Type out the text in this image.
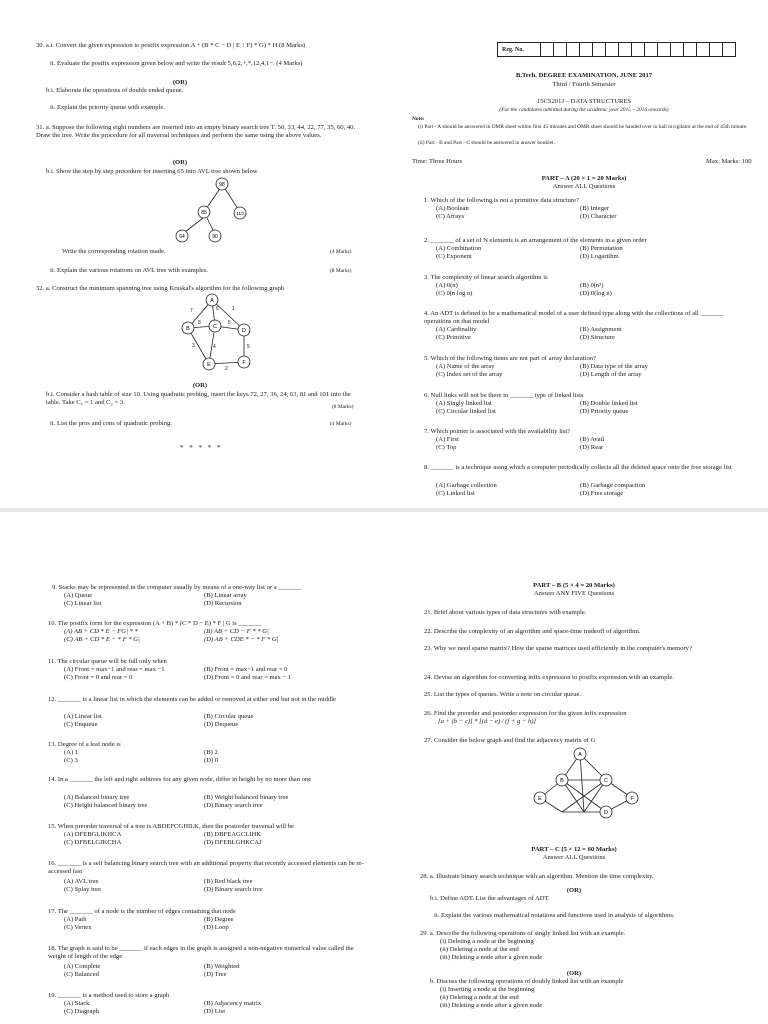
30. a.i. Convert the given expression to postfix expression A + (B * C − D | E ↑ F) * G) * H (8 Marks)
ii. Evaluate the postfix expression given below and write the result 5,6,2,+,*,12,4,1−. (4 Marks)
(OR)
b.i. Elaborate the operations of double ended queue.
ii. Explain the priority queue with example.
31. a. Suppose the following eight numbers are inserted into an empty binary search tree T. 50, 33, 44, 22, 77, 35, 60, 40. Draw the tree. Write the procedure for all traversal techniques and perform the same using the above values.
(OR)
b.i. Show the step by step procedure for inserting 65 into AVL tree shown below
98
85	110
64	90
Write the corresponding rotation made.	(4 Marks)
ii. Explain the various rotations on AVL tree with examples.	(8 Marks)
32. a. Construct the minimum spanning tree using Kruskal's algorithm for the following graph
7	6	1
5
8
3	4	5
2
A
B	C
D
E	F
(OR)
b.i. Consider a hash table of size 10. Using quadratic probing, insert the keys 72, 27, 36, 24, 63, 81 and 101 into the table. Take C₁ = 1 and C₂ = 3.
(8 Marks)
ii. List the pros and cons of quadratic probing.	(4 Marks)
* * * * *
Reg. No.
B.Tech. DEGREE EXAMINATION, JUNE 2017
Third / Fourth Semester
15CS201J – DATA STRUCTURES
(For the candidates admitted during the academic year 2015 – 2016 onwards)
Note:
(i) Part - A should be answered in OMR sheet within first 45 minutes and OMR sheet should be handed over to hall invigilator at the end of 45th minute.
(ii) Part - B and Part - C should be answered in answer booklet.
Time: Three Hours	Max. Marks: 100
PART – A (20 × 1 = 20 Marks)
Answer ALL Questions
1. Which of the following is not a primitive data structure?
(A) Boolean	(B) Integer
(C) Arrays	(D) Character
2. _______ of a set of N elements is an arrangement of the elements in a given order
(A) Combination	(B) Permutation
(C) Exponent	(D) Logarithm
3. The complexity of linear search algorithm is
(A) 0(n)	(B) 0(n²)
(C) 0(n log n)	(D) 0(log n)
4. An ADT is defined to be a mathematical model of a user defined type along with the collections of all _______ operations on that model
(A) Cardinality	(B) Assignment
(C) Primitive	(D) Structure
5. Which of the following items are not part of array declaration?
(A) Name of the array	(B) Data type of the array
(C) Index set of the array	(D) Length of the array
6. Null links will not be there in _______ type of linked lists
(A) Singly linked list	(B) Double linked list
(C) Circular linked list	(D) Priority queue
7. Which pointer is associated with the availability list?
(A) First	(B) Avail
(C) Top	(D) Rear
8. _______ is a technique using which a computer periodically collects all the deleted space onto the free storage list
(A) Garbage collection	(B) Garbage compaction
(C) Linked list	(D) Free storage
9. Stacks may be represented in the computer usually by means of a one-way list or a _______
(A) Queue	(B) Linear array
(C) Linear list	(D) Recursion
10. The postfix form for the expression (A + B) * (C * D − E) * F | G is _______
(A) AB + CD * E − FG| * *	(B) AB + CD − F * * G|
(C) AB + CD * E − * F * G|	(D) AB + CDE * − * F * G|
11. The circular queue will be full only when
(A) Front = max−1 and rear = max −1	(B) Front = max−1 and rear = 0
(C) Front = 0 and rear = 0	(D) Front = 0 and rear = max − 1
12. _______ is a linear list in which the elements can be added or removed at either end but not in the middle
(A) Linear list	(B) Circular queue
(C) Enqueue	(D) Dequeue
13. Degree of a leaf node is
(A) 1	(B) 2
(C) 3	(D) 0
14. In a _______ the left and right subtrees for any given node, differ in height by no more than one
(A) Balanced binary tree	(B) Weight balanced binary tree
(C) Height balanced binary tree	(D) Binary search tree
15. When preorder traversal of a tree is ABDEFCGHILK, then the postorder traversal will be
(A) DFEBGLIKHCA	(B) DBFEAGCLIHK
(C) DFBELGJKCHA	(D) DFEBLGHKCAJ
16. _______ is a self balancing binary search tree with an additional property that recently accessed elements can be re-accessed fast
(A) AVL tree	(B) Red black tree
(C) Splay tree	(D) Binary search tree
17. The _______ of a node is the number of edges containing that node
(A) Path	(B) Degree
(C) Vertex	(D) Loop
18. The graph is said to be _______ if each edges in the graph is assigned a non-negative numerical value called the weight of length of the edge
(A) Complete	(B) Weighted
(C) Balanced	(D) Tree
19. _______ is a method used to store a graph
(A) Stack	(B) Adjacency matrix
(C) Diagraph	(D) List
PART – B (5 × 4 = 20 Marks)
Answer ANY FIVE Questions
21. Brief about various types of data structures with example.
22. Describe the complexity of an algorithm and space-time tradeoff of algorithm.
23. Why we need sparse matrix? How the sparse matrices used efficiently in the computer's memory?
24. Devise an algorithm for converting infix expression to postfix expression with an example.
25. List the types of queues. Write a note on circular queue.
26. Find the preorder and postorder expression for the given infix expression
[a + (b − c)] * [(d − e) / (f + g − h)]
27. Consider the below graph and find the adjacency matrix of G
A
B	C
D
E	F
PART – C (5 × 12 = 60 Marks)
Answer ALL Questions
28. a. Illustrate binary search technique with an algorithm. Mention the time complexity.
(OR)
b.i. Define ADT. List the advantages of ADT.
ii. Explain the various mathematical notations and functions used in analysis of algorithms.
29. a. Describe the following operations of singly linked list with an example.
(i) Deleting a node at the beginning
(ii) Deleting a node at the end
(iii) Deleting a node after a given node
(OR)
b. Discuss the following operations of doubly linked list with an example
(i) Inserting a node at the beginning
(ii) Deleting a node at the end
(iii) Deleting a node after a given node
